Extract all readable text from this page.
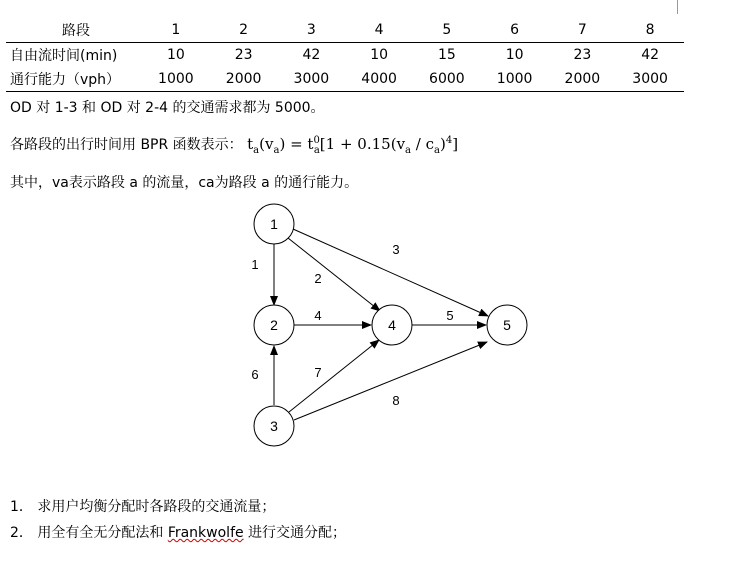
路段	1	2	3	4	5	6	7	8
自由流时间(min)	10	23	42	10	15	10	23	42
通行能力（vph）	1000	2000	3000	4000	6000	1000	2000	3000
OD 对 1-3 和 OD 对 2-4 的交通需求都为 5000。
各路段的出行时间用 BPR 函数表示： $t_a(v_a) = t^0_a[1 + 0.15(v_a / c_a)^4]$
其中，va表示路段 a 的流量，ca为路段 a 的通行能力。
1
2
3
4	5
1
2
3
4	5
6	7
8
1． 求用户均衡分配时各路段的交通流量；
2． 用全有全无分配法和 Frankwolfe 进行交通分配；
